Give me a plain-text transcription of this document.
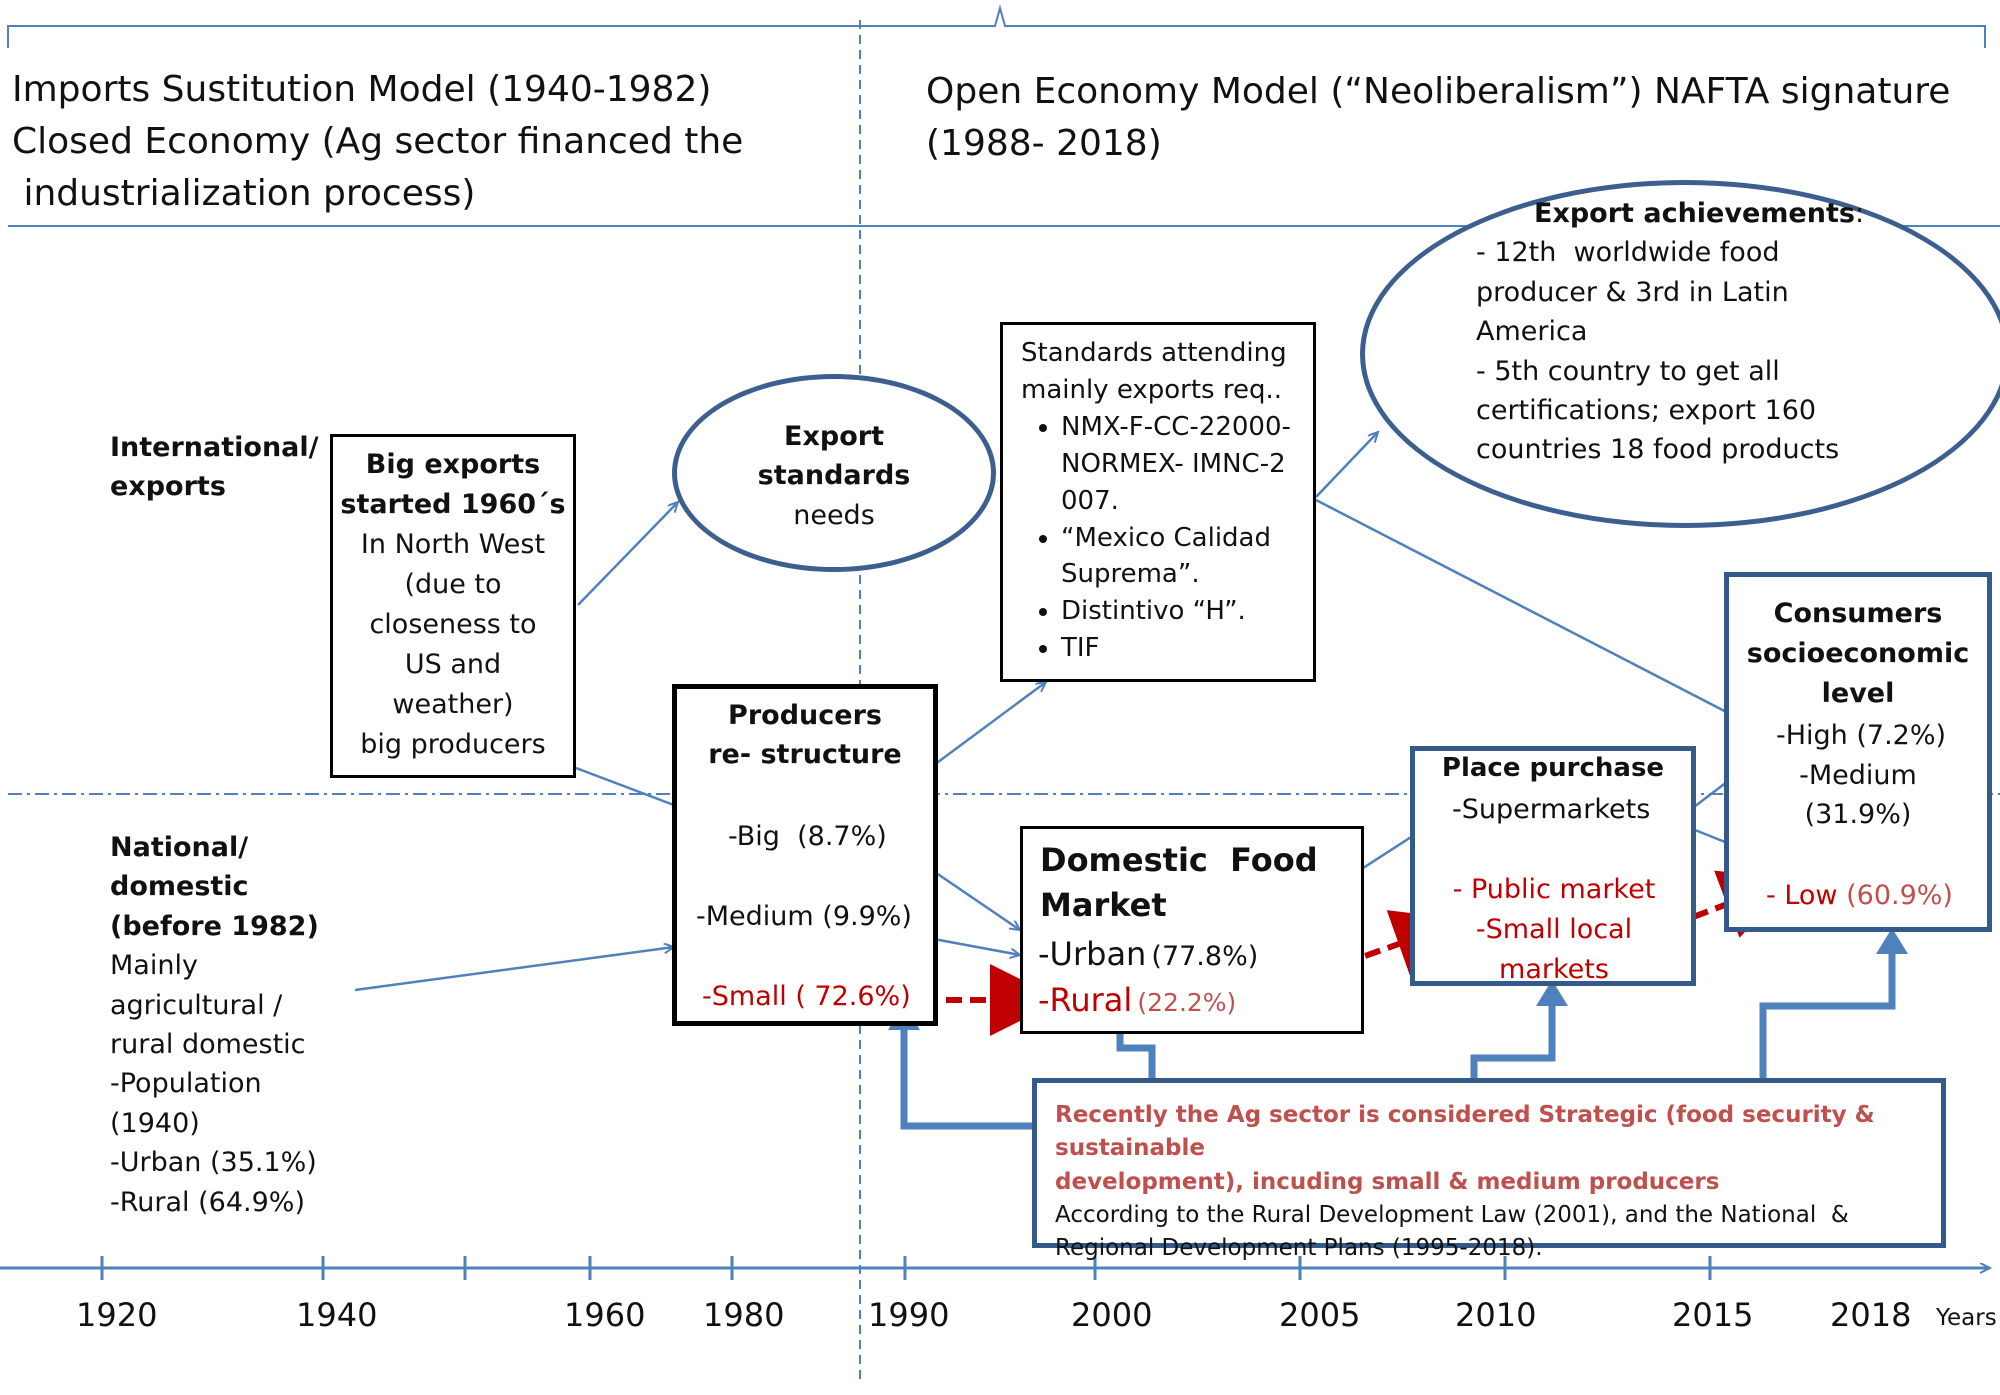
Imports Sustitution Model (1940-1982)
Closed Economy (Ag sector financed the
industrialization process)
Open Economy Model (“Neoliberalism”) NAFTA signature
(1988- 2018)
International/
exports
National/
domestic
(before 1982)
Mainly
agricultural /
rural domestic
-Population
(1940)
-Urban (35.1%)
-Rural (64.9%)
Big exports
started 1960´s
In North West
(due to
closeness to
US and
weather)
big producers
Export
standards
needs
Standards attending
mainly exports req..
• NMX-F-CC-22000-NORMEX- IMNC-2007.
• “Mexico Calidad Suprema”.
• Distintivo “H”.
• TIF
Export achievements:
- 12th  worldwide food
producer & 3rd in Latin
America
- 5th country to get all
certifications; export 160
countries 18 food products
Producers
re- structure
-Big  (8.7%)
-Medium (9.9%)
-Small ( 72.6%)
Domestic  Food
Market
-Urban (77.8%)
-Rural (22.2%)
Place purchase
-Supermarkets
- Public market
-Small local
markets
Consumers
socioeconomic
level
-High (7.2%)
-Medium
(31.9%)
- Low (60.9%)
Recently the Ag sector is considered Strategic (food security & sustainable
development), incuding small & medium producers
According to the Rural Development Law (2001), and the National  &
Regional Development Plans (1995-2018).
1920	1940	1960 1980	1990	2000	2005	2010	2015 2018 Years
